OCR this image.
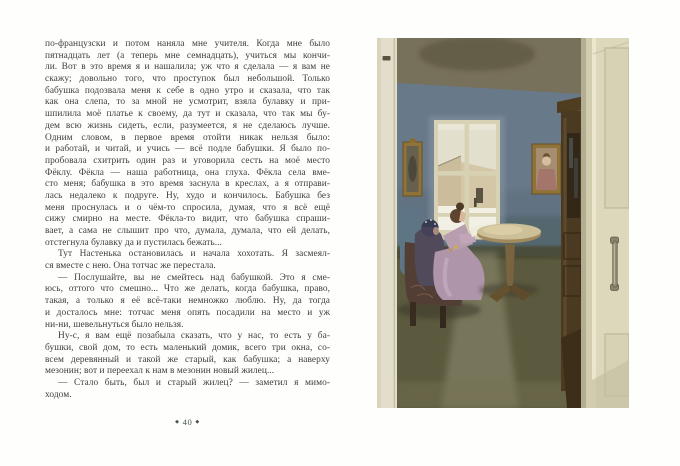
по-французски и потом наняла мне учителя. Когда мне было
пятнадцать лет (а теперь мне семнадцать), учиться мы кончи-
ли. Вот в это время я и нашалила; уж что я сделала — я вам не
скажу; довольно того, что проступок был небольшой. Только
бабушка подозвала меня к себе в одно утро и сказала, что так
как она слепа, то за мной не усмотрит, взяла булавку и при-
шпилила моё платье к своему, да тут и сказала, что так мы бу-
дем всю жизнь сидеть, если, разумеется, я не сделаюсь лучше.
Одним словом, в первое время отойти никак нельзя было:
и работай, и читай, и учись — всё подле бабушки. Я было по-
пробовала схитрить один раз и уговорила сесть на моё место
Фёклу. Фёкла — наша работница, она глуха. Фёкла села вме-
сто меня; бабушка в это время заснула в креслах, а я отправи-
лась недалеко к подруге. Ну, худо и кончилось. Бабушка без
меня проснулась и о чём-то спросила, думая, что я всё ещё
сижу смирно на месте. Фёкла-то видит, что бабушка спраши-
вает, а сама не слышит про что, думала, думала, что ей делать,
отстегнула булавку да и пустилась бежать...
Тут Настенька остановилась и начала хохотать. Я засмеял-
ся вместе с нею. Она тотчас же перестала.
— Послушайте, вы не смейтесь над бабушкой. Это я сме-
юсь, оттого что смешно... Что же делать, когда бабушка, право,
такая, а только я её всё-таки немножко люблю. Ну, да тогда
и досталось мне: тотчас меня опять посадили на место и уж
ни-ни, шевельнуться было нельзя.
Ну-с, я вам ещё позабыла сказать, что у нас, то есть у ба-
бушки, свой дом, то есть маленький домик, всего три окна, со-
всем деревянный и такой же старый, как бабушка; а наверху
мезонин; вот и переехал к нам в мезонин новый жилец...
— Стало быть, был и старый жилец? — заметил я мимо-
ходом.
◆ 40 ◆
